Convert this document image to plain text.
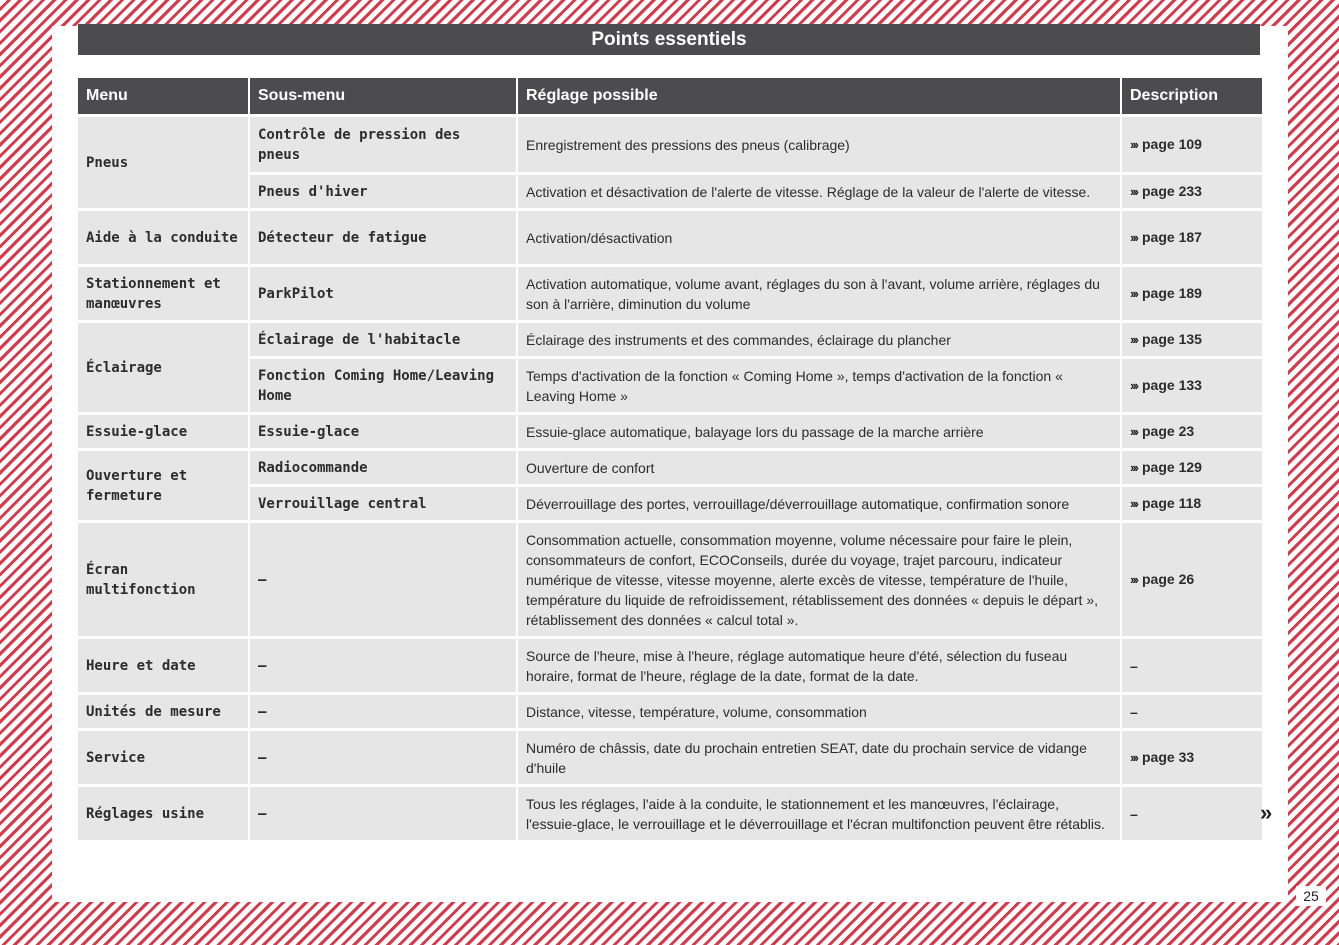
Points essentiels
Menu	Sous-menu	Réglage possible	Description
Pneus	Contrôle de pression des pneus	Enregistrement des pressions des pneus (calibrage)	››› page 109
	Pneus d'hiver	Activation et désactivation de l'alerte de vitesse. Réglage de la valeur de l'alerte de vitesse.	››› page 233
Aide à la conduite	Détecteur de fatigue	Activation/désactivation	››› page 187
Stationnement et manœuvres	ParkPilot	Activation automatique, volume avant, réglages du son à l'avant, volume arrière, réglages du son à l'arrière, diminution du volume	››› page 189
Éclairage	Éclairage de l'habitacle	Éclairage des instruments et des commandes, éclairage du plancher	››› page 135
	Fonction Coming Home/Leaving Home	Temps d'activation de la fonction « Coming Home », temps d'activation de la fonction « Leaving Home »	››› page 133
Essuie-glace	Essuie-glace	Essuie-glace automatique, balayage lors du passage de la marche arrière	››› page 23
Ouverture et fermeture	Radiocommande	Ouverture de confort	››› page 129
	Verrouillage central	Déverrouillage des portes, verrouillage/déverrouillage automatique, confirmation sonore	››› page 118
Écran multifonction	–	Consommation actuelle, consommation moyenne, volume nécessaire pour faire le plein, consommateurs de confort, ECOConseils, durée du voyage, trajet parcouru, indicateur numérique de vitesse, vitesse moyenne, alerte excès de vitesse, température de l'huile, température du liquide de refroidissement, rétablissement des données « depuis le départ », rétablissement des données « calcul total ».	››› page 26
Heure et date	–	Source de l'heure, mise à l'heure, réglage automatique heure d'été, sélection du fuseau horaire, format de l'heure, réglage de la date, format de la date.	–
Unités de mesure	–	Distance, vitesse, température, volume, consommation	–
Service	–	Numéro de châssis, date du prochain entretien SEAT, date du prochain service de vidange d'huile	››› page 33
Réglages usine	–	Tous les réglages, l'aide à la conduite, le stationnement et les manœuvres, l'éclairage, l'essuie-glace, le verrouillage et le déverrouillage et l'écran multifonction peuvent être rétablis.	–	»
25
